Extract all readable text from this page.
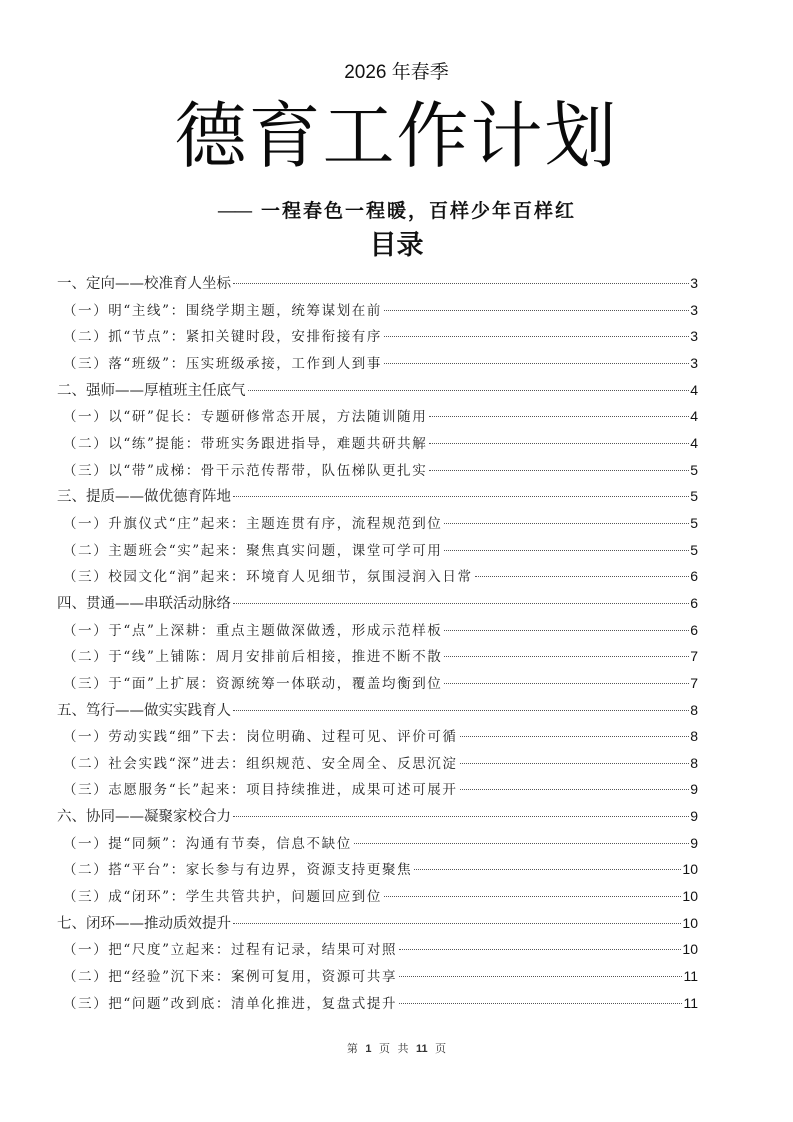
2026 年春季
德育工作计划
—— 一程春色一程暖，百样少年百样红
目录
一、定向——校准育人坐标	3
（一）明“主线”：围绕学期主题，统筹谋划在前	3
（二）抓“节点”：紧扣关键时段，安排衔接有序	3
（三）落“班级”：压实班级承接，工作到人到事	3
二、强师——厚植班主任底气	4
（一）以“研”促长：专题研修常态开展，方法随训随用	4
（二）以“练”提能：带班实务跟进指导，难题共研共解	4
（三）以“带”成梯：骨干示范传帮带，队伍梯队更扎实	5
三、提质——做优德育阵地	5
（一）升旗仪式“庄”起来：主题连贯有序，流程规范到位	5
（二）主题班会“实”起来：聚焦真实问题，课堂可学可用	5
（三）校园文化“润”起来：环境育人见细节，氛围浸润入日常	6
四、贯通——串联活动脉络	6
（一）于“点”上深耕：重点主题做深做透，形成示范样板	6
（二）于“线”上铺陈：周月安排前后相接，推进不断不散	7
（三）于“面”上扩展：资源统筹一体联动，覆盖均衡到位	7
五、笃行——做实实践育人	8
（一）劳动实践“细”下去：岗位明确、过程可见、评价可循	8
（二）社会实践“深”进去：组织规范、安全周全、反思沉淀	8
（三）志愿服务“长”起来：项目持续推进，成果可述可展开	9
六、协同——凝聚家校合力	9
（一）提“同频”：沟通有节奏，信息不缺位	9
（二）搭“平台”：家长参与有边界，资源支持更聚焦	10
（三）成“闭环”：学生共管共护，问题回应到位	10
七、闭环——推动质效提升	10
（一）把“尺度”立起来：过程有记录，结果可对照	10
（二）把“经验”沉下来：案例可复用，资源可共享	11
（三）把“问题”改到底：清单化推进，复盘式提升	11
第 1 页 共 11 页
